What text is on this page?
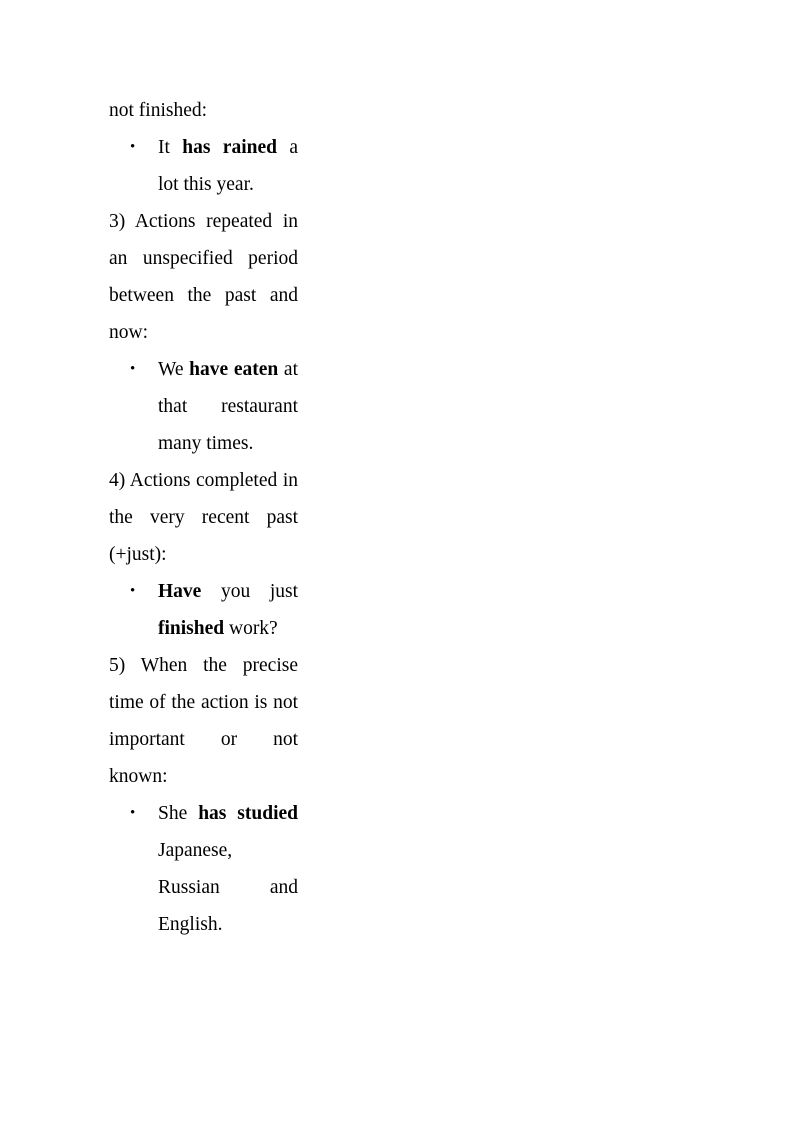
not finished:

• It has rained a lot this year.

3) Actions repeated in an unspecified period between the past and now:

• We have eaten at that restaurant many times.

4) Actions completed in the very recent past (+just):

• Have you just finished work?

5) When the precise time of the action is not important or not known:

• She has studied Japanese, Russian and English.
